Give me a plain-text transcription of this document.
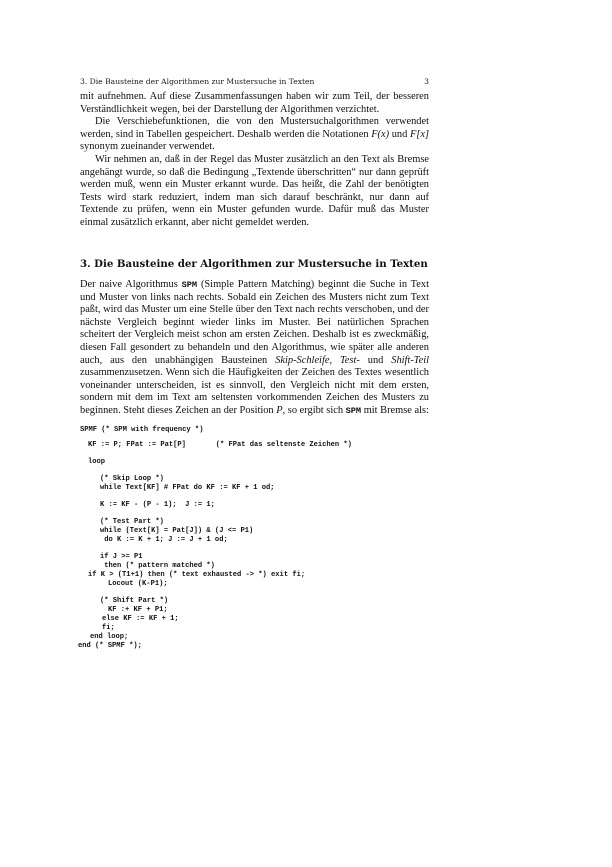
3. Die Bausteine der Algorithmen zur Mustersuche in Texten	3

mit aufnehmen. Auf diese Zusammenfassungen haben wir zum Teil, der besseren Verständlichkeit wegen, bei der Darstellung der Algorithmen verzichtet.

Die Verschiebefunktionen, die von den Mustersuchalgorithmen verwendet werden, sind in Tabellen gespeichert. Deshalb werden die Notationen F(x) und F[x] synonym zueinander verwendet.

Wir nehmen an, daß in der Regel das Muster zusätzlich an den Text als Bremse angehängt wurde, so daß die Bedingung „Textende überschritten“ nur dann geprüft werden muß, wenn ein Muster erkannt wurde. Das heißt, die Zahl der benötigten Tests wird stark reduziert, indem man sich darauf beschränkt, nur dann auf Textende zu prüfen, wenn ein Muster gefunden wurde. Dafür muß das Muster einmal zusätzlich erkannt, aber nicht gemeldet werden.

3. Die Bausteine der Algorithmen zur Mustersuche in Texten

Der naive Algorithmus SPM (Simple Pattern Matching) beginnt die Suche in Text und Muster von links nach rechts. Sobald ein Zeichen des Musters nicht zum Text paßt, wird das Muster um eine Stelle über den Text nach rechts verschoben, und der nächste Vergleich beginnt wieder links im Muster. Bei natürlichen Sprachen scheitert der Vergleich meist schon am ersten Zeichen. Deshalb ist es zweckmäßig, diesen Fall gesondert zu behandeln und den Algorithmus, wie später alle anderen auch, aus den unabhängigen Bausteinen Skip-Schleife, Test- und Shift-Teil zusammenzusetzen. Wenn sich die Häufigkeiten der Zeichen des Textes wesentlich voneinander unterscheiden, ist es sinnvoll, den Vergleich nicht mit dem ersten, sondern mit dem im Text am seltensten vorkommenden Zeichen des Musters zu beginnen. Steht dieses Zeichen an der Position P, so ergibt sich SPM mit Bremse als:

SPMF (* SPM with frequency *)

KF := P; FPat := Pat[P]       (* FPat das seltenste Zeichen *)

loop

(* Skip Loop *)

while Text[KF] # FPat do KF := KF + 1 od;

K := KF - (P - 1);  J := 1;

(* Test Part *)

while (Text[K] = Pat[J]) & (J <= P1)

do K := K + 1; J := J + 1 od;

if J >= P1

then (* pattern matched *)

if K > (T1+1) then (* text exhausted -> *) exit fi;

Locout (K-P1);

(* Shift Part *)

KF :+ KF + P1;

else KF := KF + 1;

fi;

end loop;

end (* SPMF *);
